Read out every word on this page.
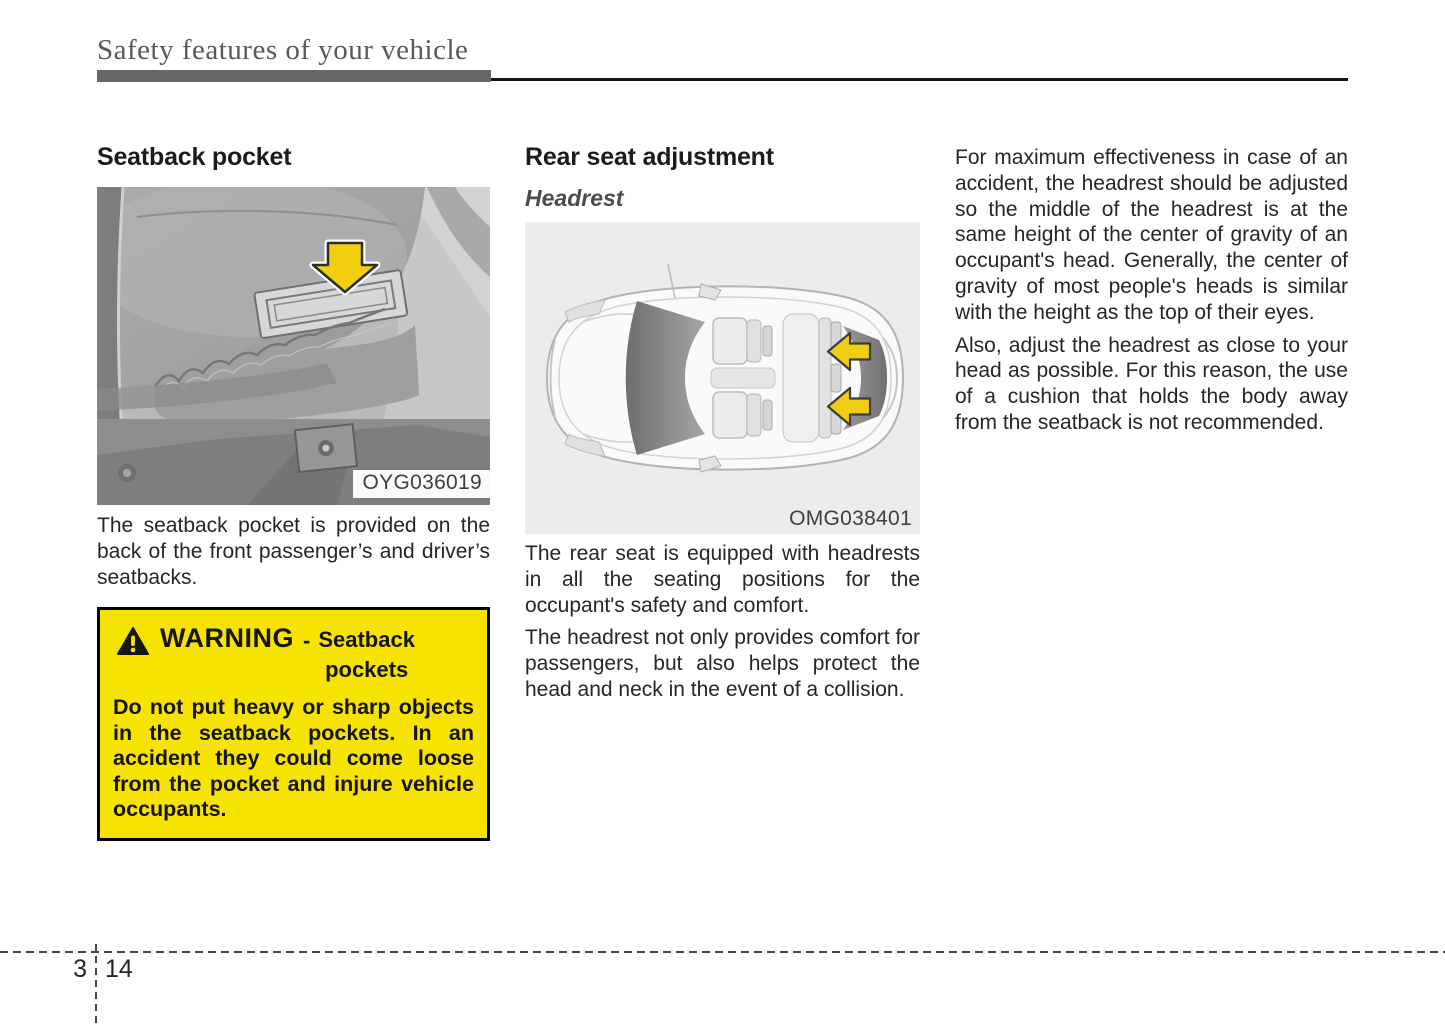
Safety features of your vehicle
Seatback pocket
OYG036019

The seatback pocket is provided on the back of the front passenger’s and driver’s seatbacks.

WARNING - Seatback
pockets

Do not put heavy or sharp objects in the seatback pockets. In an accident they could come loose from the pocket and injure vehicle occupants.

Rear seat adjustment
Headrest
OMG038401

The rear seat is equipped with headrests in all the seating positions for the occupant's safety and comfort.

The headrest not only provides comfort for passengers, but also helps protect the head and neck in the event of a collision.

For maximum effectiveness in case of an accident, the headrest should be adjusted so the middle of the headrest is at the same height of the center of gravity of an occupant's head. Generally, the center of gravity of most people's heads is similar with the height as the top of their eyes.

Also, adjust the headrest as close to your head as possible. For this reason, the use of a cushion that holds the body away from the seatback is not recommended.

3 14
